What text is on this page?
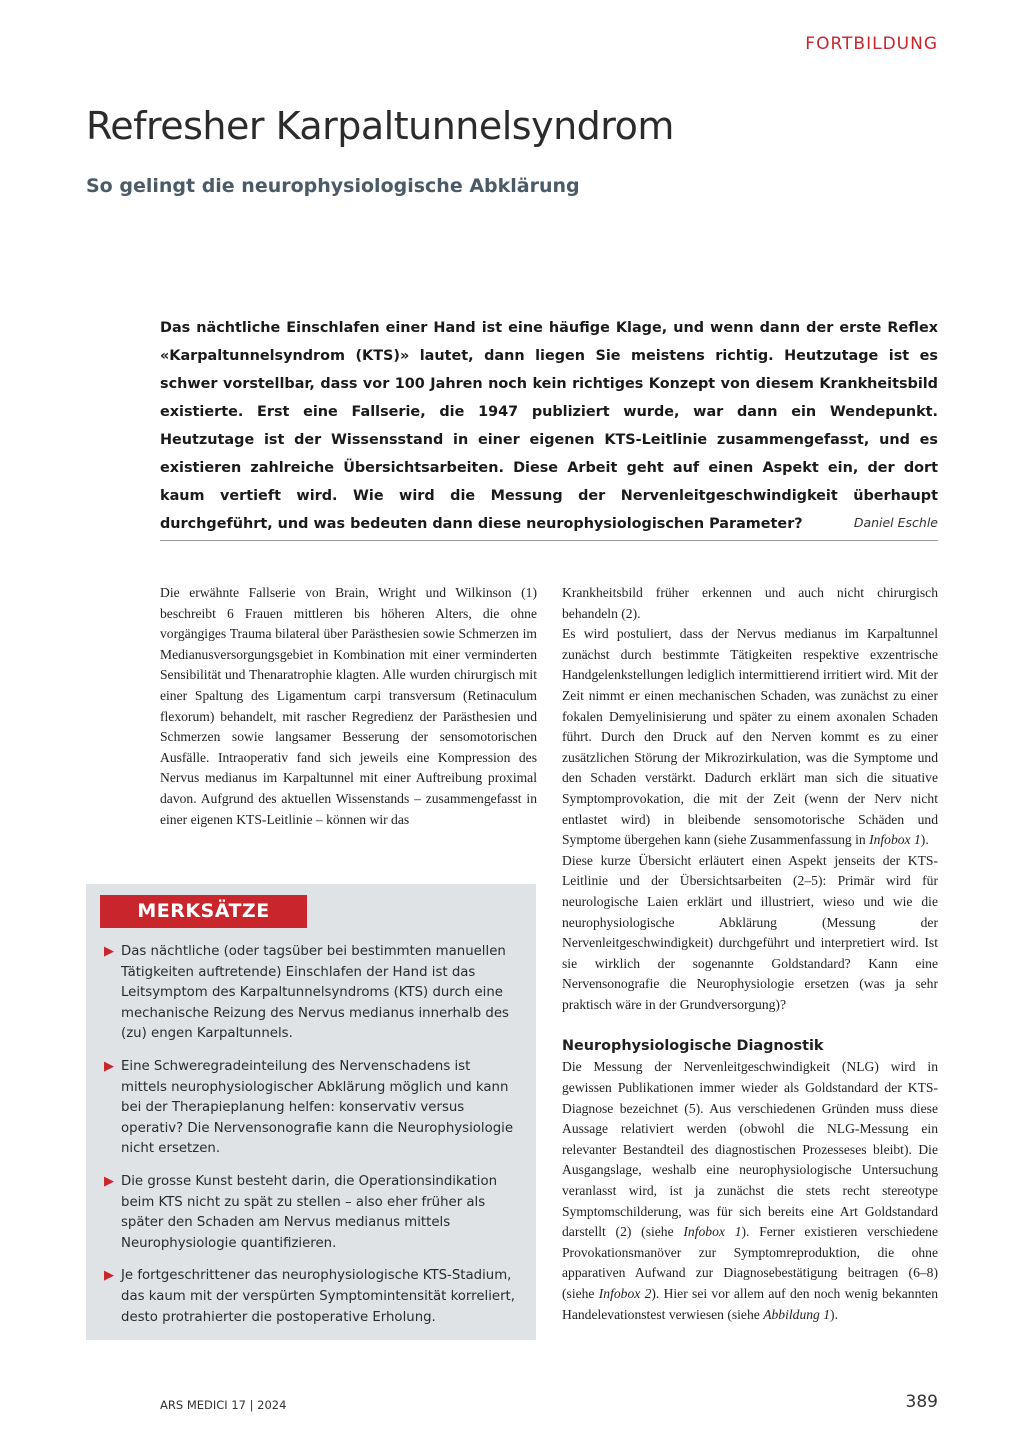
FORTBILDUNG
Refresher Karpaltunnelsyndrom
So gelingt die neurophysiologische Abklärung

Das nächtliche Einschlafen einer Hand ist eine häufige Klage, und wenn dann der erste Reflex «Karpaltunnelsyndrom (KTS)» lautet, dann liegen Sie meistens richtig. Heutzutage ist es schwer vorstellbar, dass vor 100 Jahren noch kein richtiges Konzept von diesem Krankheitsbild existierte. Erst eine Fallserie, die 1947 publiziert wurde, war dann ein Wendepunkt. Heutzutage ist der Wissensstand in einer eigenen KTS-Leitlinie zusammengefasst, und es existieren zahlreiche Übersichtsarbeiten. Diese Arbeit geht auf einen Aspekt ein, der dort kaum vertieft wird. Wie wird die Messung der Nervenleitgeschwindigkeit überhaupt durchgeführt, und was bedeuten dann diese neurophysiologischen Parameter?	Daniel Eschle

Die erwähnte Fallserie von Brain, Wright und Wilkinson (1) beschreibt 6 Frauen mittleren bis höheren Alters, die ohne vorgängiges Trauma bilateral über Parästhesien sowie Schmerzen im Medianusversorgungsgebiet in Kombination mit einer verminderten Sensibilität und Thenaratrophie klagten. Alle wurden chirurgisch mit einer Spaltung des Ligamentum carpi transversum (Retinaculum flexorum) behandelt, mit rascher Regredienz der Parästhesien und Schmerzen sowie langsamer Besserung der sensomotorischen Ausfälle. Intraoperativ fand sich jeweils eine Kompression des Nervus medianus im Karpaltunnel mit einer Auftreibung proximal davon. Aufgrund des aktuellen Wissenstands – zusammengefasst in einer eigenen KTS-Leitlinie – können wir das

Krankheitsbild früher erkennen und auch nicht chirurgisch behandeln (2).

Es wird postuliert, dass der Nervus medianus im Karpaltunnel zunächst durch bestimmte Tätigkeiten respektive exzentrische Handgelenkstellungen lediglich intermittierend irritiert wird. Mit der Zeit nimmt er einen mechanischen Schaden, was zunächst zu einer fokalen Demyelinisierung und später zu einem axonalen Schaden führt. Durch den Druck auf den Nerven kommt es zu einer zusätzlichen Störung der Mikrozirkulation, was die Symptome und den Schaden verstärkt. Dadurch erklärt man sich die situative Symptomprovokation, die mit der Zeit (wenn der Nerv nicht entlastet wird) in bleibende sensomotorische Schäden und Symptome übergehen kann (siehe Zusammenfassung in Infobox 1).

Diese kurze Übersicht erläutert einen Aspekt jenseits der KTS-Leitlinie und der Übersichtsarbeiten (2–5): Primär wird für neurologische Laien erklärt und illustriert, wieso und wie die neurophysiologische Abklärung (Messung der Nervenleitgeschwindigkeit) durchgeführt und interpretiert wird. Ist sie wirklich der sogenannte Goldstandard? Kann eine Nervensonografie die Neurophysiologie ersetzen (was ja sehr praktisch wäre in der Grundversorgung)?

Neurophysiologische Diagnostik

Die Messung der Nervenleitgeschwindigkeit (NLG) wird in gewissen Publikationen immer wieder als Goldstandard der KTS-Diagnose bezeichnet (5). Aus verschiedenen Gründen muss diese Aussage relativiert werden (obwohl die NLG-Messung ein relevanter Bestandteil des diagnostischen Prozesseses bleibt). Die Ausgangslage, weshalb eine neurophysiologische Untersuchung veranlasst wird, ist ja zunächst die stets recht stereotype Symptomschilderung, was für sich bereits eine Art Goldstandard darstellt (2) (siehe Infobox 1). Ferner existieren verschiedene Provokationsmanöver zur Symptomreproduktion, die ohne apparativen Aufwand zur Diagnosebestätigung beitragen (6–8) (siehe Infobox 2). Hier sei vor allem auf den noch wenig bekannten Handelevationstest verwiesen (siehe Abbildung 1).

MERKSÄTZE
▶ Das nächtliche (oder tagsüber bei bestimmten manuellen Tätigkeiten auftretende) Einschlafen der Hand ist das Leitsymptom des Karpaltunnelsyndroms (KTS) durch eine mechanische Reizung des Nervus medianus innerhalb des (zu) engen Karpaltunnels.
▶ Eine Schweregradeinteilung des Nervenschadens ist mittels neurophysiologischer Abklärung möglich und kann bei der Therapieplanung helfen: konservativ versus operativ? Die Nervensonografie kann die Neurophysiologie nicht ersetzen.
▶ Die grosse Kunst besteht darin, die Operationsindikation beim KTS nicht zu spät zu stellen – also eher früher als später den Schaden am Nervus medianus mittels Neurophysiologie quantifizieren.
▶ Je fortgeschrittener das neurophysiologische KTS-Stadium, das kaum mit der verspürten Symptomintensität korreliert, desto protrahierter die postoperative Erholung.
ARS MEDICI 17 | 2024	389
